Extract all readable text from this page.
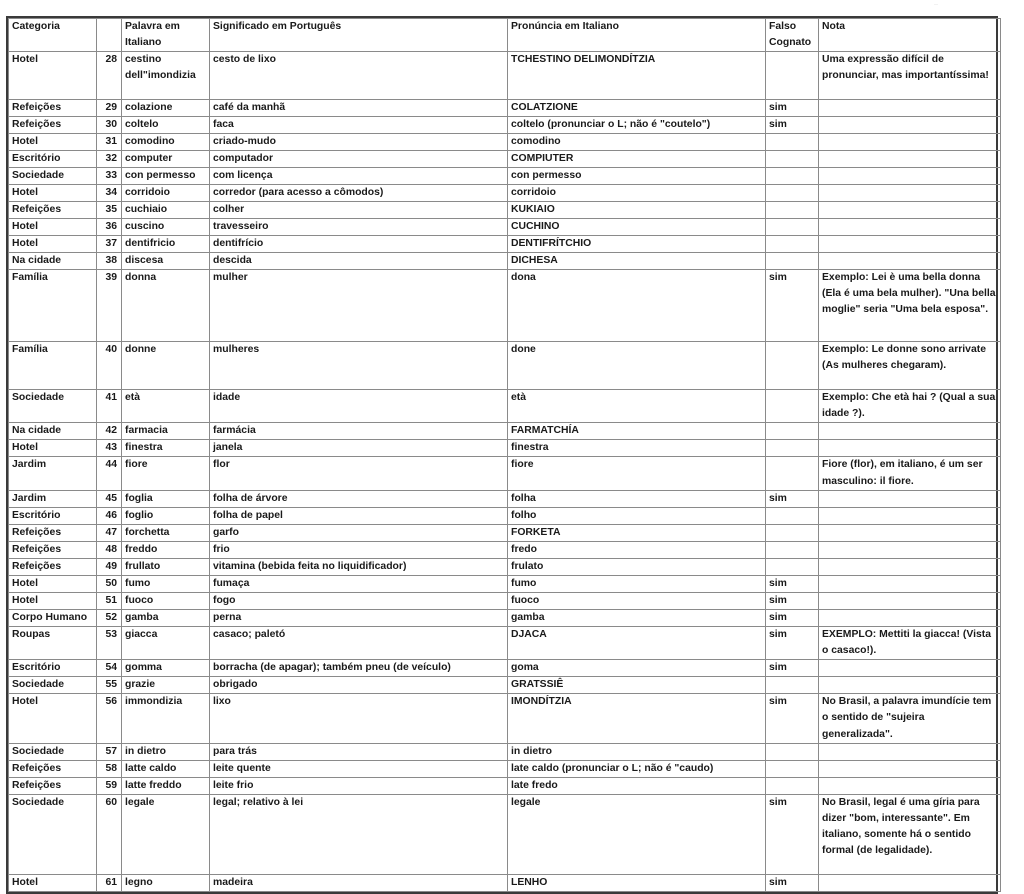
··
Categoria		Palavra em Italiano	Significado em Português	Pronúncia em Italiano	Falso Cognato	Nota
Hotel	28	cestino dell"imondizia	cesto de lixo	TCHESTINO DELIMONDÍTZIA		Uma expressão difícil de pronunciar, mas importantíssima!
Refeições	29	colazione	café da manhã	COLATZIONE	sim	
Refeições	30	coltelo	faca	coltelo (pronunciar o L; não é "coutelo")	sim	
Hotel	31	comodino	criado-mudo	comodino		
Escritório	32	computer	computador	COMPIUTER		
Sociedade	33	con permesso	com licença	con permesso		
Hotel	34	corridoio	corredor (para acesso a cômodos)	corridoio		
Refeições	35	cuchiaio	colher	KUKIAIO		
Hotel	36	cuscino	travesseiro	CUCHINO		
Hotel	37	dentifricio	dentifrício	DENTIFRÍTCHIO		
Na cidade	38	discesa	descida	DICHESA		
Família	39	donna	mulher	dona	sim	Exemplo: Lei è uma bella donna (Ela é uma bela mulher). "Una bella moglie" seria "Uma bela esposa".
Família	40	donne	mulheres	done		Exemplo: Le donne sono arrivate (As mulheres chegaram).
Sociedade	41	età	idade	età		Exemplo: Che età hai ? (Qual a sua idade ?).
Na cidade	42	farmacia	farmácia	FARMATCHÍA		
Hotel	43	finestra	janela	finestra		
Jardim	44	fiore	flor	fiore		Fiore (flor), em italiano, é um ser masculino: il fiore.
Jardim	45	foglia	folha de árvore	folha	sim	
Escritório	46	foglio	folha de papel	folho		
Refeições	47	forchetta	garfo	FORKETA		
Refeições	48	freddo	frio	fredo		
Refeições	49	frullato	vitamina (bebida feita no liquidificador)	frulato		
Hotel	50	fumo	fumaça	fumo	sim	
Hotel	51	fuoco	fogo	fuoco	sim	
Corpo Humano	52	gamba	perna	gamba	sim	
Roupas	53	giacca	casaco; paletó	DJACA	sim	EXEMPLO: Mettiti la giacca! (Vista o casaco!).
Escritório	54	gomma	borracha (de apagar); também pneu (de veículo)	goma	sim	
Sociedade	55	grazie	obrigado	GRATSSIÊ		
Hotel	56	immondizia	lixo	IMONDÍTZIA	sim	No Brasil, a palavra imundície tem o sentido de "sujeira generalizada".
Sociedade	57	in dietro	para trás	in dietro		
Refeições	58	latte caldo	leite quente	late caldo (pronunciar o L; não é "caudo)		
Refeições	59	latte freddo	leite frio	late fredo		
Sociedade	60	legale	legal; relativo à lei	legale	sim	No Brasil, legal é uma gíria para dizer "bom, interessante". Em italiano, somente há o sentido formal (de legalidade).
Hotel	61	legno	madeira	LENHO	sim	
